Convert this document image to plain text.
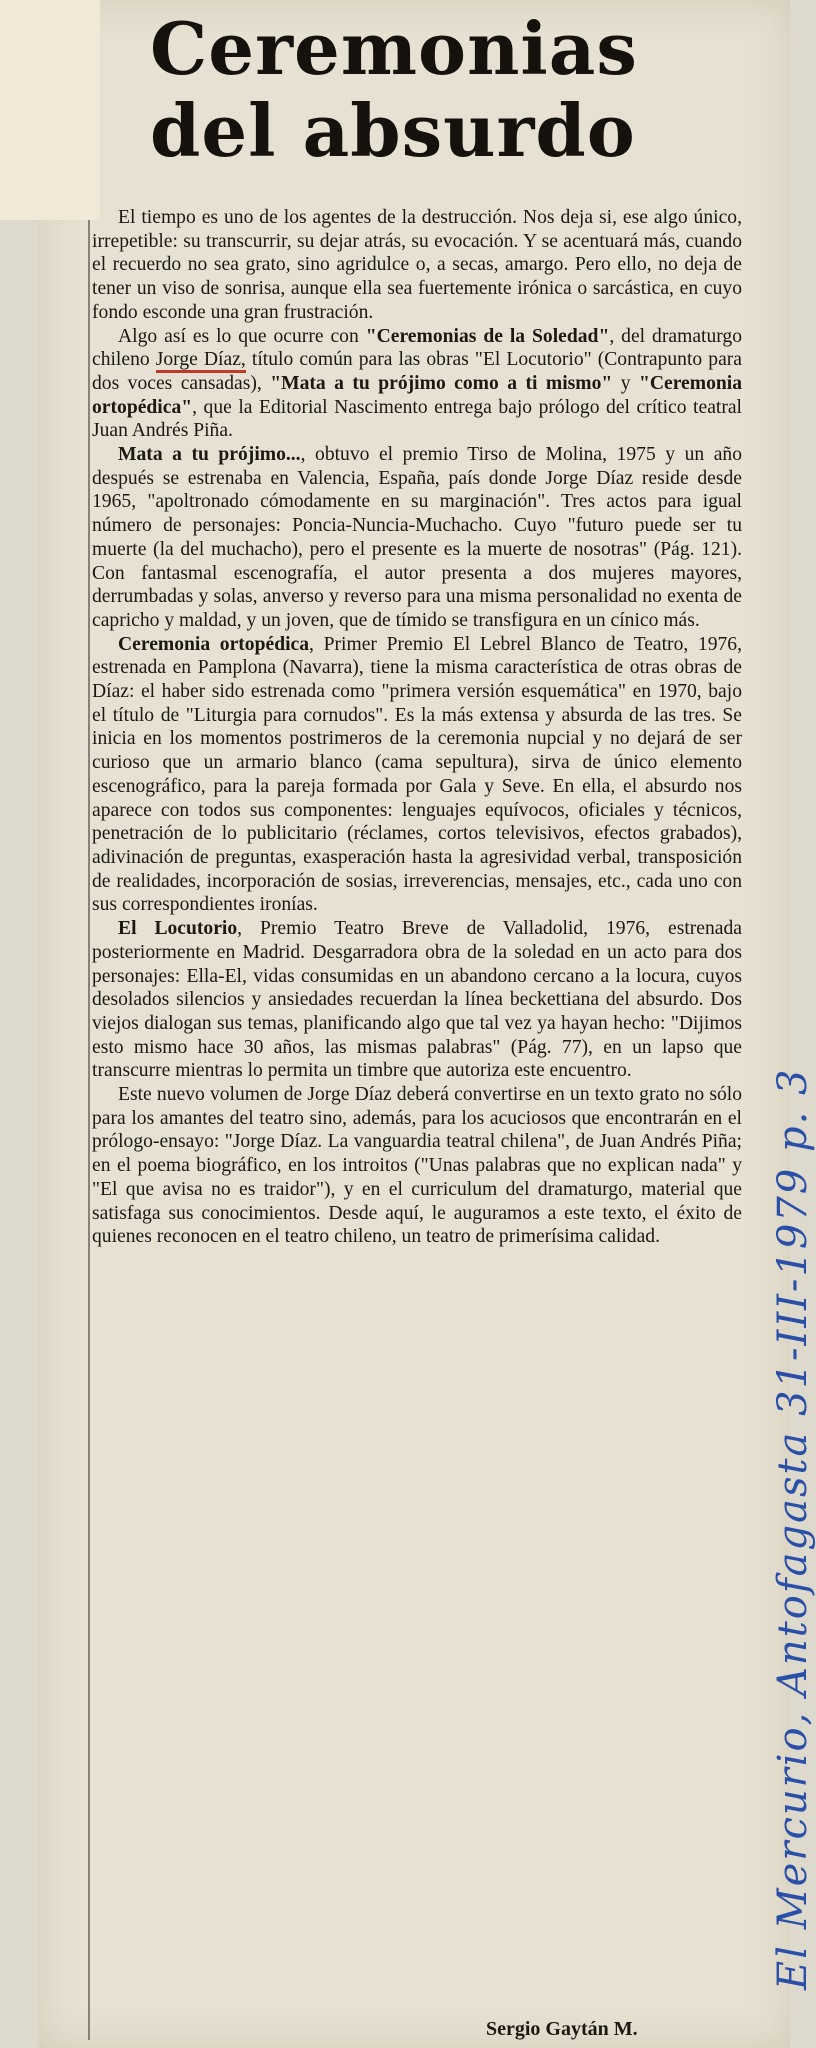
Ceremonias
del absurdo

El tiempo es uno de los agentes de la destrucción. Nos deja si, ese algo único, irrepetible: su transcurrir, su dejar atrás, su evocación. Y se acentuará más, cuando el recuerdo no sea grato, sino agridulce o, a secas, amargo. Pero ello, no deja de tener un viso de sonrisa, aunque ella sea fuertemente irónica o sarcástica, en cuyo fondo esconde una gran frustración.

Algo así es lo que ocurre con "Ceremonias de la Soledad", del dramaturgo chileno Jorge Díaz, título común para las obras "El Locutorio" (Contrapunto para dos voces cansadas), "Mata a tu prójimo como a ti mismo" y "Ceremonia ortopédica", que la Editorial Nascimento entrega bajo prólogo del crítico teatral Juan Andrés Piña.

Mata a tu prójimo..., obtuvo el premio Tirso de Molina, 1975 y un año después se estrenaba en Valencia, España, país donde Jorge Díaz reside desde 1965, "apoltronado cómodamente en su marginación". Tres actos para igual número de personajes: Poncia-Nuncia-Muchacho. Cuyo "futuro puede ser tu muerte (la del muchacho), pero el presente es la muerte de nosotras" (Pág. 121). Con fantasmal escenografía, el autor presenta a dos mujeres mayores, derrumbadas y solas, anverso y reverso para una misma personalidad no exenta de capricho y maldad, y un joven, que de tímido se transfigura en un cínico más.

Ceremonia ortopédica, Primer Premio El Lebrel Blanco de Teatro, 1976, estrenada en Pamplona (Navarra), tiene la misma característica de otras obras de Díaz: el haber sido estrenada como "primera versión esquemática" en 1970, bajo el título de "Liturgia para cornudos". Es la más extensa y absurda de las tres. Se inicia en los momentos postrimeros de la ceremonia nupcial y no dejará de ser curioso que un armario blanco (cama sepultura), sirva de único elemento escenográfico, para la pareja formada por Gala y Seve. En ella, el absurdo nos aparece con todos sus componentes: lenguajes equívocos, oficiales y técnicos, penetración de lo publicitario (réclames, cortos televisivos, efectos grabados), adivinación de preguntas, exasperación hasta la agresividad verbal, transposición de realidades, incorporación de sosias, irreverencias, mensajes, etc., cada uno con sus correspondientes ironías.

El Locutorio, Premio Teatro Breve de Valladolid, 1976, estrenada posteriormente en Madrid. Desgarradora obra de la soledad en un acto para dos personajes: Ella-El, vidas consumidas en un abandono cercano a la locura, cuyos desolados silencios y ansiedades recuerdan la línea beckettiana del absurdo. Dos viejos dialogan sus temas, planificando algo que tal vez ya hayan hecho: "Dijimos esto mismo hace 30 años, las mismas palabras" (Pág. 77), en un lapso que transcurre mientras lo permita un timbre que autoriza este encuentro.

Este nuevo volumen de Jorge Díaz deberá convertirse en un texto grato no sólo para los amantes del teatro sino, además, para los acuciosos que encontrarán en el prólogo-ensayo: "Jorge Díaz. La vanguardia teatral chilena", de Juan Andrés Piña; en el poema biográfico, en los introitos ("Unas palabras que no explican nada" y "El que avisa no es traidor"), y en el curriculum del dramaturgo, material que satisfaga sus conocimientos. Desde aquí, le auguramos a este texto, el éxito de quienes reconocen en el teatro chileno, un teatro de primerísima calidad.

Sergio Gaytán M.
El Mercurio, Antofagasta 31-III-1979 p. 3
